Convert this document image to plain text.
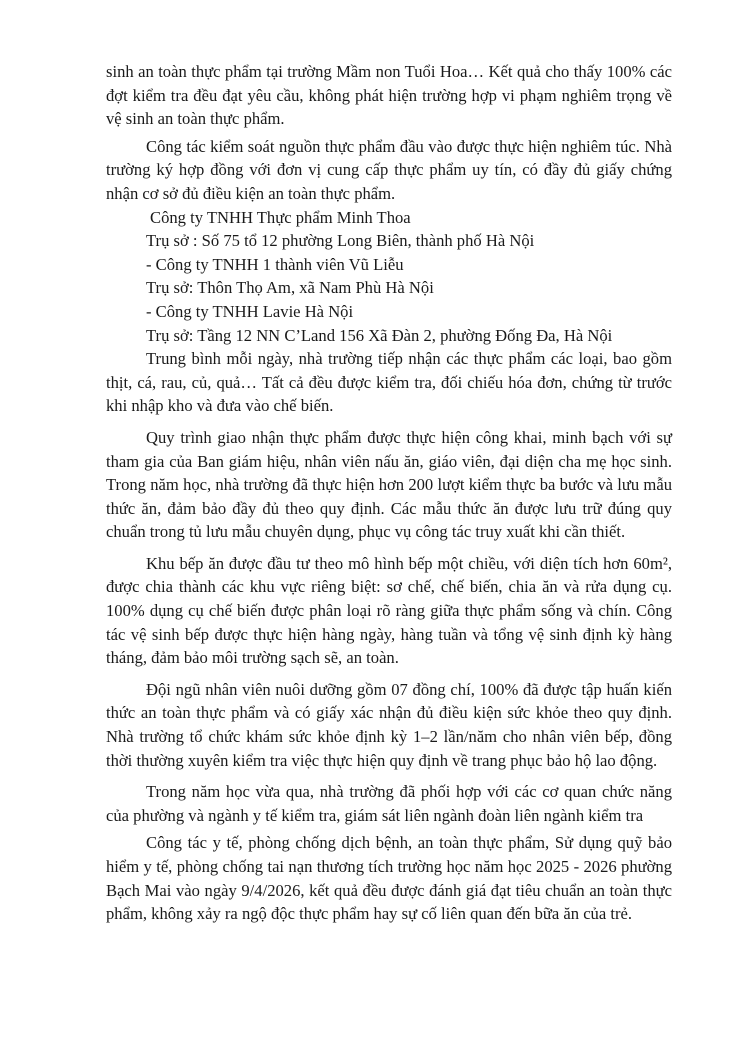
sinh an toàn thực phẩm tại trường Mầm non Tuổi Hoa… Kết quả cho thấy 100% các đợt kiểm tra đều đạt yêu cầu, không phát hiện trường hợp vi phạm nghiêm trọng về vệ sinh an toàn thực phẩm.

Công tác kiểm soát nguồn thực phẩm đầu vào được thực hiện nghiêm túc. Nhà trường ký hợp đồng với đơn vị cung cấp thực phẩm uy tín, có đầy đủ giấy chứng nhận cơ sở đủ điều kiện an toàn thực phẩm.

Công ty TNHH Thực phẩm Minh Thoa

Trụ sở : Số 75 tổ 12 phường Long Biên, thành phố Hà Nội

- Công ty TNHH 1 thành viên Vũ Liễu

Trụ sở: Thôn Thọ Am, xã Nam Phù Hà Nội

- Công ty TNHH Lavie Hà Nội

Trụ sở: Tầng 12 NN C’Land 156 Xã Đàn 2, phường Đống Đa, Hà Nội

Trung bình mỗi ngày, nhà trường tiếp nhận các thực phẩm các loại, bao gồm thịt, cá, rau, củ, quả… Tất cả đều được kiểm tra, đối chiếu hóa đơn, chứng từ trước khi nhập kho và đưa vào chế biến.

Quy trình giao nhận thực phẩm được thực hiện công khai, minh bạch với sự tham gia của Ban giám hiệu, nhân viên nấu ăn, giáo viên, đại diện cha mẹ học sinh. Trong năm học, nhà trường đã thực hiện hơn 200 lượt kiểm thực ba bước và lưu mẫu thức ăn, đảm bảo đầy đủ theo quy định. Các mẫu thức ăn được lưu trữ đúng quy chuẩn trong tủ lưu mẫu chuyên dụng, phục vụ công tác truy xuất khi cần thiết.

Khu bếp ăn được đầu tư theo mô hình bếp một chiều, với diện tích hơn 60m², được chia thành các khu vực riêng biệt: sơ chế, chế biến, chia ăn và rửa dụng cụ. 100% dụng cụ chế biến được phân loại rõ ràng giữa thực phẩm sống và chín. Công tác vệ sinh bếp được thực hiện hàng ngày, hàng tuần và tổng vệ sinh định kỳ hàng tháng, đảm bảo môi trường sạch sẽ, an toàn.

Đội ngũ nhân viên nuôi dưỡng gồm 07 đồng chí, 100% đã được tập huấn kiến thức an toàn thực phẩm và có giấy xác nhận đủ điều kiện sức khỏe theo quy định. Nhà trường tổ chức khám sức khỏe định kỳ 1–2 lần/năm cho nhân viên bếp, đồng thời thường xuyên kiểm tra việc thực hiện quy định về trang phục bảo hộ lao động.

Trong năm học vừa qua, nhà trường đã phối hợp với các cơ quan chức năng của phường và ngành y tế kiểm tra, giám sát liên ngành đoàn liên ngành kiểm tra

Công tác y tế, phòng chống dịch bệnh, an toàn thực phẩm, Sử dụng quỹ bảo hiểm y tế, phòng chống tai nạn thương tích trường học năm học 2025 - 2026 phường Bạch Mai vào ngày 9/4/2026, kết quả đều được đánh giá đạt tiêu chuẩn an toàn thực phẩm, không xảy ra ngộ độc thực phẩm hay sự cố liên quan đến bữa ăn của trẻ.
